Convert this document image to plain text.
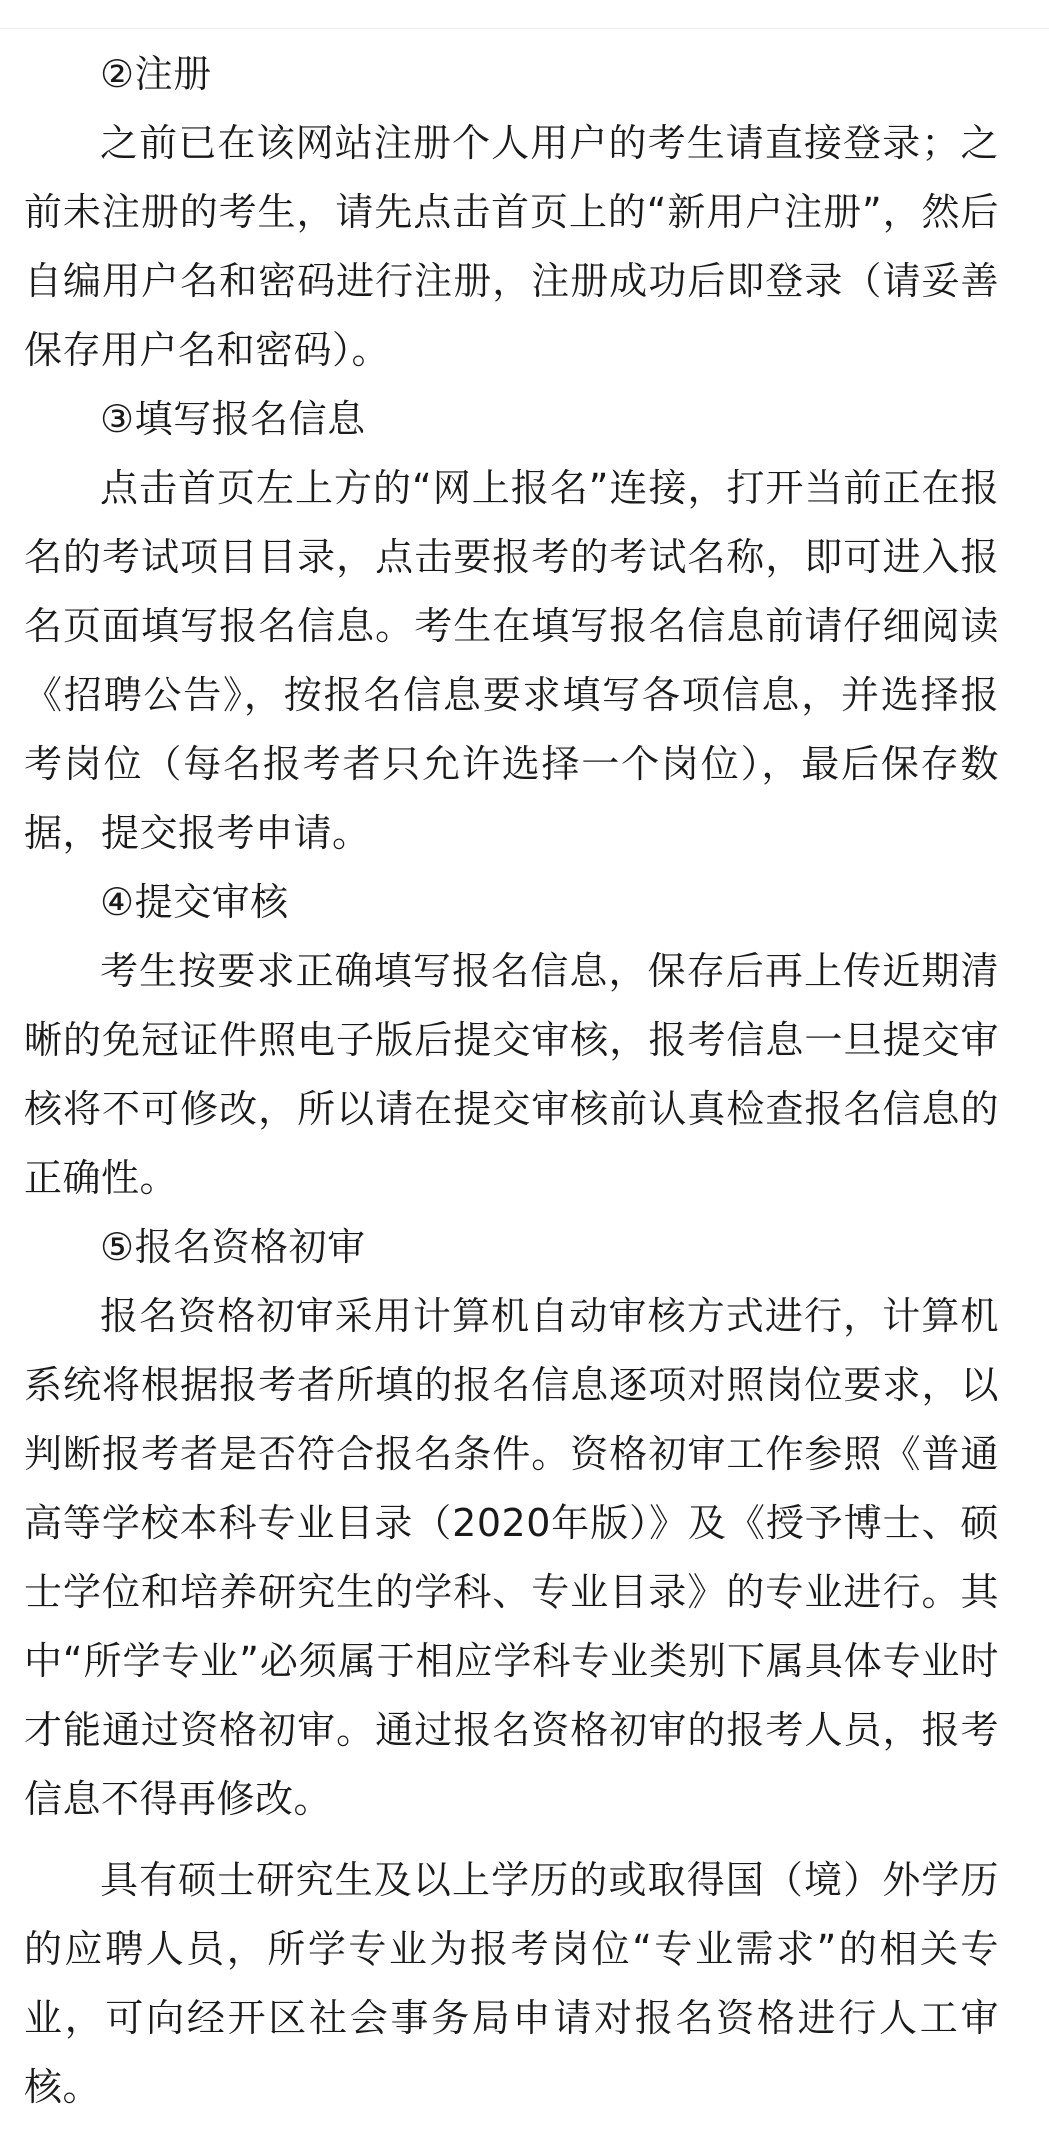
②注册

之前已在该网站注册个人用户的考生请直接登录；之前未注册的考生，请先点击首页上的“新用户注册”，然后自编用户名和密码进行注册，注册成功后即登录（请妥善保存用户名和密码）。

③填写报名信息

点击首页左上方的“网上报名”连接，打开当前正在报名的考试项目目录，点击要报考的考试名称，即可进入报名页面填写报名信息。考生在填写报名信息前请仔细阅读《招聘公告》，按报名信息要求填写各项信息，并选择报考岗位（每名报考者只允许选择一个岗位），最后保存数据，提交报考申请。

④提交审核

考生按要求正确填写报名信息，保存后再上传近期清晰的免冠证件照电子版后提交审核，报考信息一旦提交审核将不可修改，所以请在提交审核前认真检查报名信息的正确性。

⑤报名资格初审

报名资格初审采用计算机自动审核方式进行，计算机系统将根据报考者所填的报名信息逐项对照岗位要求，以判断报考者是否符合报名条件。资格初审工作参照《普通高等学校本科专业目录（2020年版）》及《授予博士、硕士学位和培养研究生的学科、专业目录》的专业进行。其中“所学专业”必须属于相应学科专业类别下属具体专业时才能通过资格初审。通过报名资格初审的报考人员，报考信息不得再修改。

具有硕士研究生及以上学历的或取得国（境）外学历的应聘人员，所学专业为报考岗位“专业需求”的相关专业，可向经开区社会事务局申请对报名资格进行人工审核。
